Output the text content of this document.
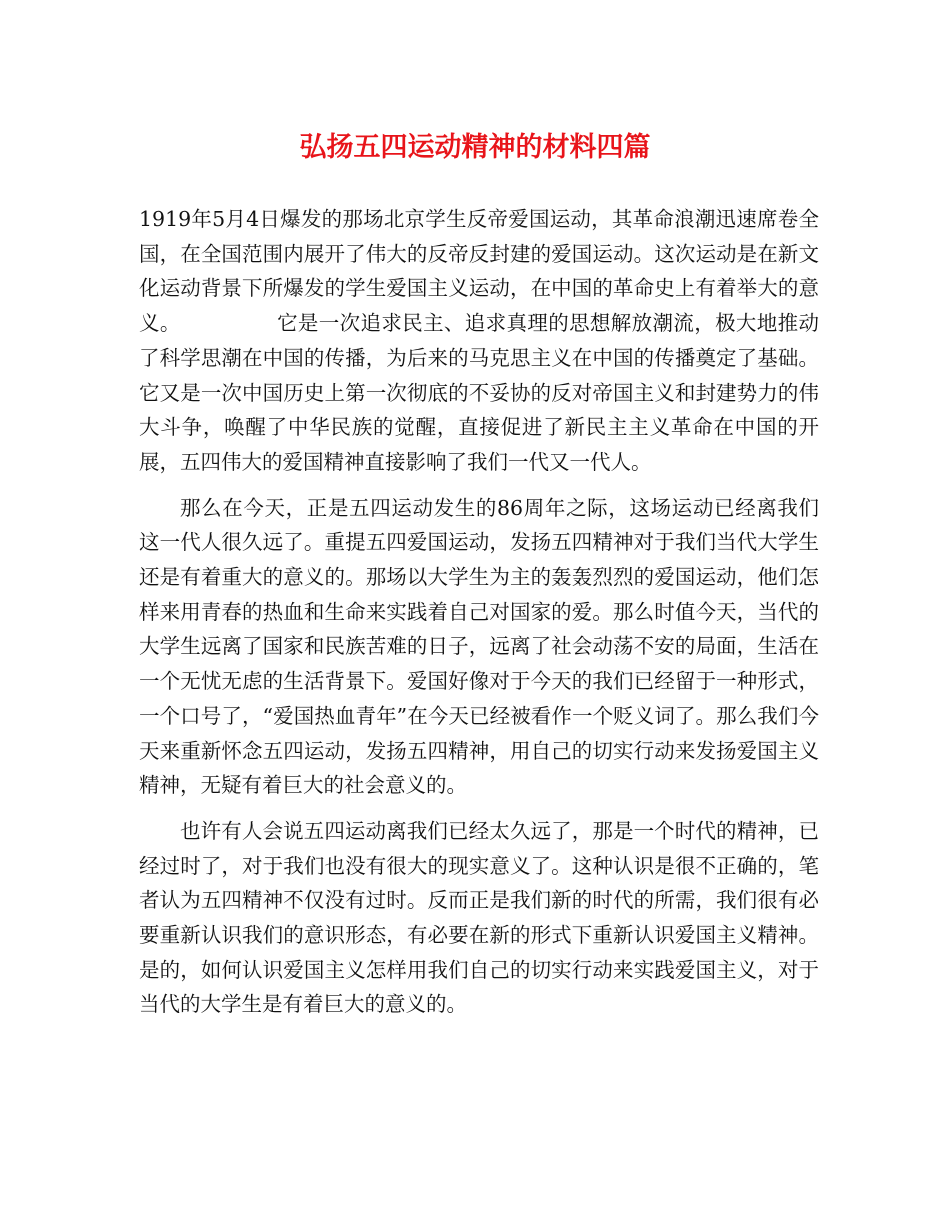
弘扬五四运动精神的材料四篇

1919年5月4日爆发的那场北京学生反帝爱国运动，其革命浪潮迅速席卷全国，在全国范围内展开了伟大的反帝反封建的爱国运动。这次运动是在新文化运动背景下所爆发的学生爱国主义运动，在中国的革命史上有着举大的意义。	它是一次追求民主、追求真理的思想解放潮流，极大地推动了科学思潮在中国的传播，为后来的马克思主义在中国的传播奠定了基础。它又是一次中国历史上第一次彻底的不妥协的反对帝国主义和封建势力的伟大斗争，唤醒了中华民族的觉醒，直接促进了新民主主义革命在中国的开展，五四伟大的爱国精神直接影响了我们一代又一代人。

那么在今天，正是五四运动发生的86周年之际，这场运动已经离我们这一代人很久远了。重提五四爱国运动，发扬五四精神对于我们当代大学生还是有着重大的意义的。那场以大学生为主的轰轰烈烈的爱国运动，他们怎样来用青春的热血和生命来实践着自己对国家的爱。那么时值今天，当代的大学生远离了国家和民族苦难的日子，远离了社会动荡不安的局面，生活在一个无忧无虑的生活背景下。爱国好像对于今天的我们已经留于一种形式，一个口号了，“爱国热血青年”在今天已经被看作一个贬义词了。那么我们今天来重新怀念五四运动，发扬五四精神，用自己的切实行动来发扬爱国主义精神，无疑有着巨大的社会意义的。

也许有人会说五四运动离我们已经太久远了，那是一个时代的精神，已经过时了，对于我们也没有很大的现实意义了。这种认识是很不正确的，笔者认为五四精神不仅没有过时。反而正是我们新的时代的所需，我们很有必要重新认识我们的意识形态，有必要在新的形式下重新认识爱国主义精神。是的，如何认识爱国主义怎样用我们自己的切实行动来实践爱国主义，对于当代的大学生是有着巨大的意义的。
